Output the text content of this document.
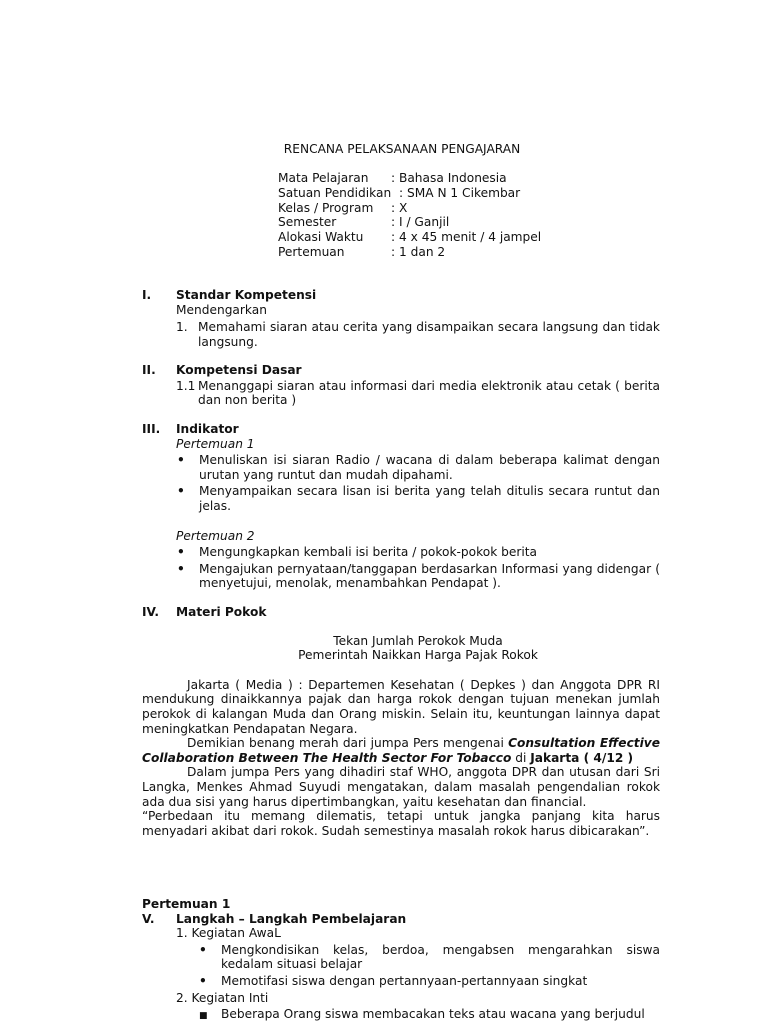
RENCANA PELAKSANAAN PENGAJARAN
Mata Pelajaran : Bahasa Indonesia
Satuan Pendidikan : SMA N 1 Cikembar
Kelas / Program : X
Semester	: I / Ganjil
Alokasi Waktu : 4 x 45 menit / 4 jampel
Pertemuan	: 1 dan 2
I. Standar Kompetensi
Mendengarkan
1. Memahami siaran atau cerita yang disampaikan secara langsung dan tidak langsung.
II. Kompetensi Dasar
1.1 Menanggapi siaran atau informasi dari media elektronik atau cetak ( berita dan non berita )
III. Indikator
Pertemuan 1
•	Menuliskan isi siaran Radio / wacana di dalam beberapa kalimat dengan urutan yang runtut dan mudah dipahami.
•	Menyampaikan secara lisan isi berita yang telah ditulis secara runtut dan jelas.
Pertemuan 2
•	Mengungkapkan kembali isi berita / pokok-pokok berita
•	Mengajukan pernyataan/tanggapan berdasarkan Informasi yang didengar ( menyetujui, menolak, menambahkan Pendapat ).
IV. Materi Pokok
Tekan Jumlah Perokok Muda
Pemerintah Naikkan Harga Pajak Rokok

Jakarta ( Media ) : Departemen Kesehatan ( Depkes ) dan Anggota DPR RI mendukung dinaikkannya pajak dan harga rokok dengan tujuan menekan jumlah perokok di kalangan Muda dan Orang miskin. Selain itu, keuntungan lainnya dapat meningkatkan Pendapatan Negara.

Demikian benang merah dari jumpa Pers mengenai Consultation Effective Collaboration Between The Health Sector For Tobacco di Jakarta ( 4/12 )

Dalam jumpa Pers yang dihadiri staf WHO, anggota DPR dan utusan dari Sri Langka, Menkes Ahmad Suyudi mengatakan, dalam masalah pengendalian rokok ada dua sisi yang harus dipertimbangkan, yaitu kesehatan dan financial.

“Perbedaan itu memang dilematis, tetapi untuk jangka panjang kita harus menyadari akibat dari rokok. Sudah semestinya masalah rokok harus dibicarakan”.

Pertemuan 1
V. Langkah – Langkah Pembelajaran
1. Kegiatan AwaL
•	Mengkondisikan kelas, berdoa, mengabsen mengarahkan siswa kedalam situasi belajar
•	Memotifasi siswa dengan pertannyaan-pertannyaan singkat
2. Kegiatan Inti
■	Beberapa Orang siswa membacakan teks atau wacana yang berjudul
